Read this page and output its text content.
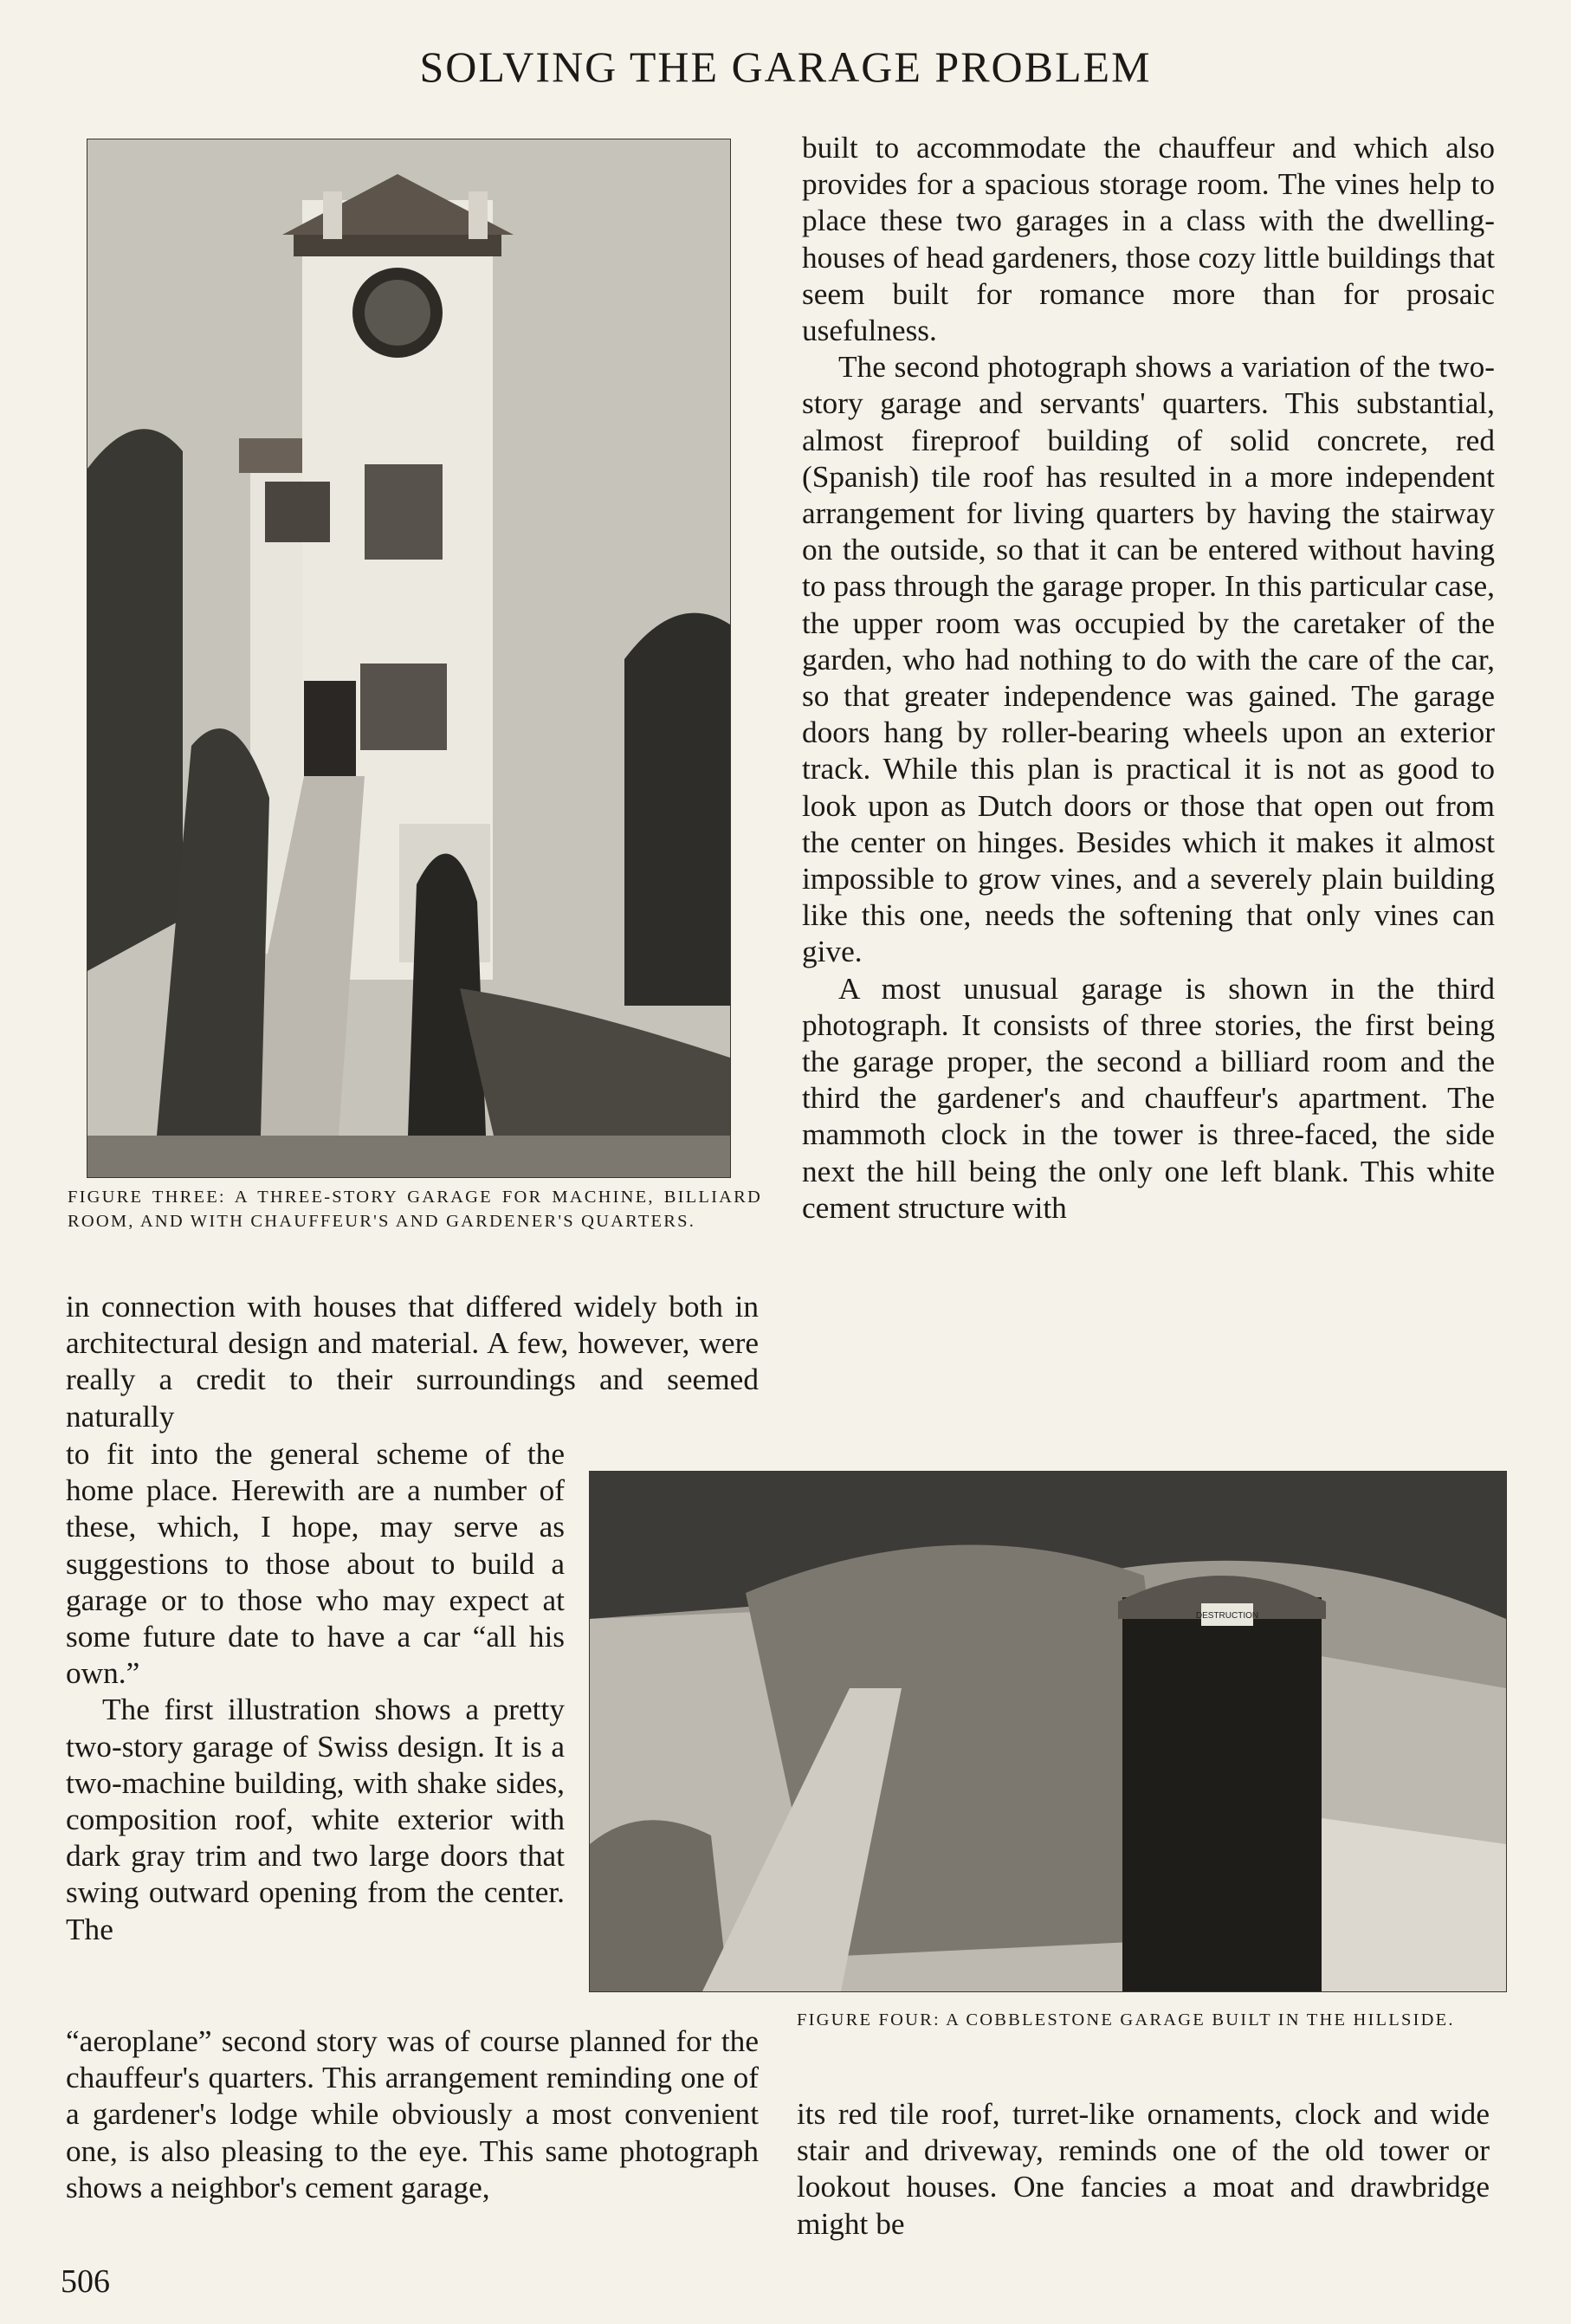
SOLVING THE GARAGE PROBLEM
FIGURE THREE: A THREE-STORY GARAGE FOR MACHINE, BILLIARD ROOM, AND WITH CHAUFFEUR'S AND GARDENER'S QUARTERS.

built to accommodate the chauffeur and which also provides for a spacious storage room. The vines help to place these two garages in a class with the dwelling-houses of head gardeners, those cozy little buildings that seem built for romance more than for prosaic usefulness.

The second photograph shows a variation of the two-story garage and servants' quarters. This substantial, almost fireproof building of solid concrete, red (Spanish) tile roof has resulted in a more independent arrangement for living quarters by having the stairway on the outside, so that it can be entered without having to pass through the garage proper. In this particular case, the upper room was occupied by the caretaker of the garden, who had nothing to do with the care of the car, so that greater independence was gained. The garage doors hang by roller-bearing wheels upon an exterior track. While this plan is practical it is not as good to look upon as Dutch doors or those that open out from the center on hinges. Besides which it makes it almost impossible to grow vines, and a severely plain building like this one, needs the softening that only vines can give.

A most unusual garage is shown in the third photograph. It consists of three stories, the first being the garage proper, the second a billiard room and the third the gardener's and chauffeur's apartment. The mammoth clock in the tower is three-faced, the side next the hill being the only one left blank. This white cement structure with

in connection with houses that differed widely both in architectural design and material. A few, however, were really a credit to their surroundings and seemed naturally

to fit into the general scheme of the home place. Herewith are a number of these, which, I hope, may serve as suggestions to those about to build a garage or to those who may expect at some future date to have a car “all his own.”

The first illustration shows a pretty two-story garage of Swiss design. It is a two-machine building, with shake sides, composition roof, white exterior with dark gray trim and two large doors that swing outward opening from the center. The

DESTRUCTION
FIGURE FOUR: A COBBLESTONE GARAGE BUILT IN THE HILLSIDE.

“aeroplane” second story was of course planned for the chauffeur's quarters. This arrangement reminding one of a gardener's lodge while obviously a most convenient one, is also pleasing to the eye. This same photograph shows a neighbor's cement garage,

its red tile roof, turret-like ornaments, clock and wide stair and driveway, reminds one of the old tower or lookout houses. One fancies a moat and drawbridge might be

506
